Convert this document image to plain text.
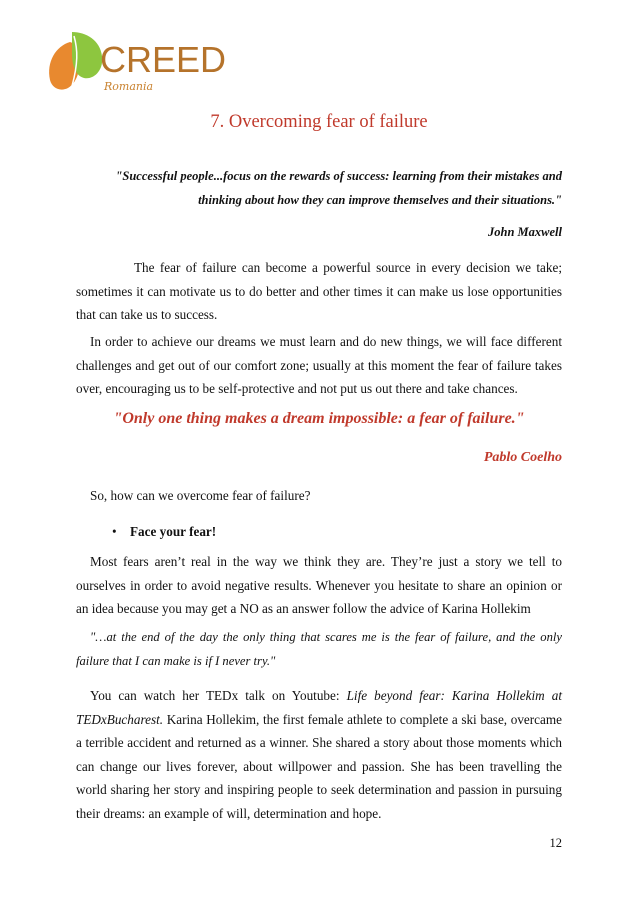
CREED
Romania
7. Overcoming fear of failure

"Successful people...focus on the rewards of success: learning from their mistakes and
thinking about how they can improve themselves and their situations."

John Maxwell

The fear of failure can become a powerful source in every decision we take; sometimes it can motivate us to do better and other times it can make us lose opportunities that can take us to success.

In order to achieve our dreams we must learn and do new things, we will face different challenges and get out of our comfort zone; usually at this moment the fear of failure takes over, encouraging us to be self-protective and not put us out there and take chances.

"Only one thing makes a dream impossible: a fear of failure."

Pablo Coelho

So, how can we overcome fear of failure?

• Face your fear!

Most fears aren’t real in the way we think they are. They’re just a story we tell to ourselves in order to avoid negative results. Whenever you hesitate to share an opinion or an idea because you may get a NO as an answer follow the advice of Karina Hollekim

"…at the end of the day the only thing that scares me is the fear of failure, and the only failure that I can make is if I never try."

You can watch her TEDx talk on Youtube: Life beyond fear: Karina Hollekim at TEDxBucharest. Karina Hollekim, the first female athlete to complete a ski base, overcame a terrible accident and returned as a winner. She shared a story about those moments which can change our lives forever, about willpower and passion. She has been travelling the world sharing her story and inspiring people to seek determination and passion in pursuing their dreams: an example of will, determination and hope.

12
